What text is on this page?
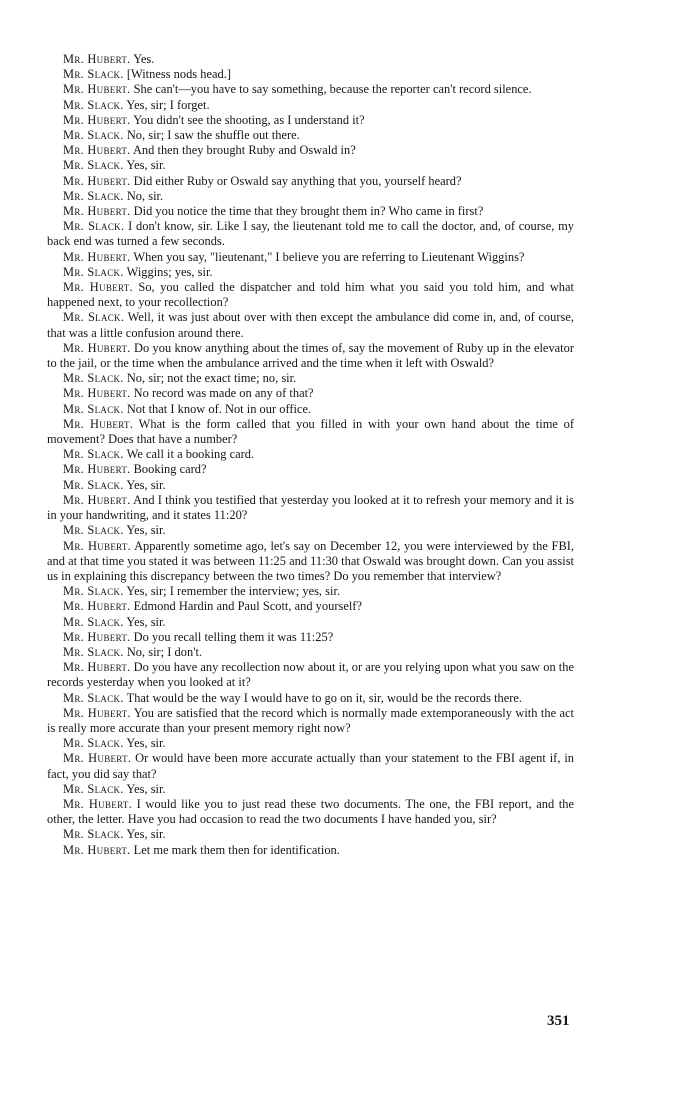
Mr. Hubert. Yes.

Mr. Slack. [Witness nods head.]

Mr. Hubert. She can't—you have to say something, because the reporter can't record silence.

Mr. Slack. Yes, sir; I forget.

Mr. Hubert. You didn't see the shooting, as I understand it?

Mr. Slack. No, sir; I saw the shuffle out there.

Mr. Hubert. And then they brought Ruby and Oswald in?

Mr. Slack. Yes, sir.

Mr. Hubert. Did either Ruby or Oswald say anything that you, yourself heard?

Mr. Slack. No, sir.

Mr. Hubert. Did you notice the time that they brought them in? Who came in first?

Mr. Slack. I don't know, sir. Like I say, the lieutenant told me to call the doctor, and, of course, my back end was turned a few seconds.

Mr. Hubert. When you say, "lieutenant," I believe you are referring to Lieutenant Wiggins?

Mr. Slack. Wiggins; yes, sir.

Mr. Hubert. So, you called the dispatcher and told him what you said you told him, and what happened next, to your recollection?

Mr. Slack. Well, it was just about over with then except the ambulance did come in, and, of course, that was a little confusion around there.

Mr. Hubert. Do you know anything about the times of, say the movement of Ruby up in the elevator to the jail, or the time when the ambulance arrived and the time when it left with Oswald?

Mr. Slack. No, sir; not the exact time; no, sir.

Mr. Hubert. No record was made on any of that?

Mr. Slack. Not that I know of. Not in our office.

Mr. Hubert. What is the form called that you filled in with your own hand about the time of movement? Does that have a number?

Mr. Slack. We call it a booking card.

Mr. Hubert. Booking card?

Mr. Slack. Yes, sir.

Mr. Hubert. And I think you testified that yesterday you looked at it to refresh your memory and it is in your handwriting, and it states 11:20?

Mr. Slack. Yes, sir.

Mr. Hubert. Apparently sometime ago, let's say on December 12, you were interviewed by the FBI, and at that time you stated it was between 11:25 and 11:30 that Oswald was brought down. Can you assist us in explaining this discrepancy between the two times? Do you remember that interview?

Mr. Slack. Yes, sir; I remember the interview; yes, sir.

Mr. Hubert. Edmond Hardin and Paul Scott, and yourself?

Mr. Slack. Yes, sir.

Mr. Hubert. Do you recall telling them it was 11:25?

Mr. Slack. No, sir; I don't.

Mr. Hubert. Do you have any recollection now about it, or are you relying upon what you saw on the records yesterday when you looked at it?

Mr. Slack. That would be the way I would have to go on it, sir, would be the records there.

Mr. Hubert. You are satisfied that the record which is normally made extemporaneously with the act is really more accurate than your present memory right now?

Mr. Slack. Yes, sir.

Mr. Hubert. Or would have been more accurate actually than your statement to the FBI agent if, in fact, you did say that?

Mr. Slack. Yes, sir.

Mr. Hubert. I would like you to just read these two documents. The one, the FBI report, and the other, the letter. Have you had occasion to read the two documents I have handed you, sir?

Mr. Slack. Yes, sir.

Mr. Hubert. Let me mark them then for identification.

351
